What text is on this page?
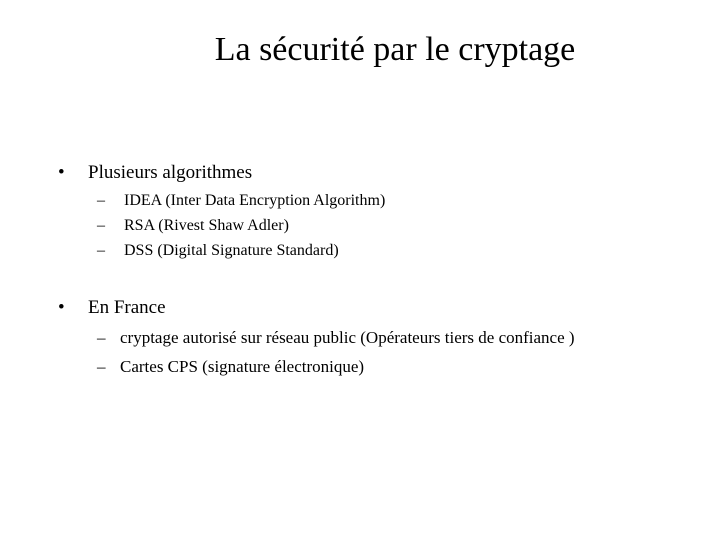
La sécurité par le cryptage
• Plusieurs algorithmes
– IDEA (Inter Data Encryption Algorithm)
– RSA (Rivest Shaw Adler)
– DSS (Digital Signature Standard)
• En France
– cryptage autorisé sur réseau public (Opérateurs tiers de confiance )
– Cartes CPS (signature électronique)
